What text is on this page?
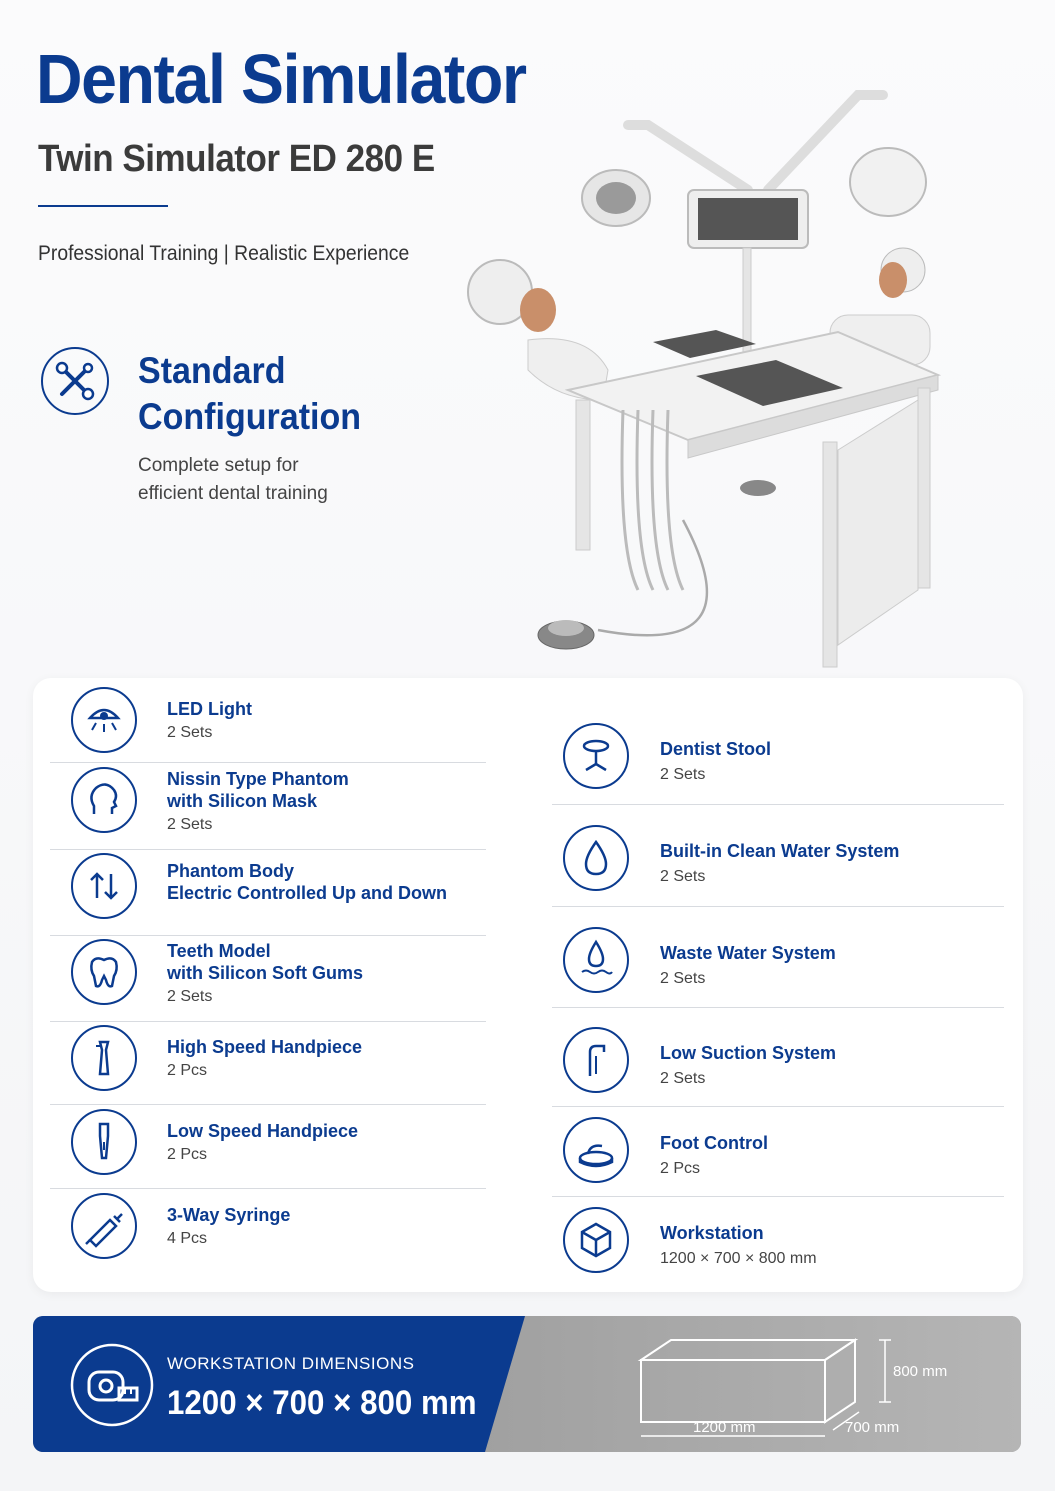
Dental Simulator
Twin Simulator ED 280 E
Professional Training | Realistic Experience
Standard
Configuration
Complete setup for
efficient dental training
WORKSTATION DIMENSIONS
1200 × 700 × 800 mm
1200 mm	700 mm
800 mm
LED Light
2 Sets
Nissin Type Phantom
with Silicon Mask
2 Sets
Phantom Body
Electric Controlled Up and Down
Teeth Model
with Silicon Soft Gums
2 Sets
High Speed Handpiece
2 Pcs
Low Speed Handpiece
2 Pcs
3-Way Syringe
4 Pcs
Dentist Stool
2 Sets
Built-in Clean Water System
2 Sets
Waste Water System
2 Sets
Low Suction System
2 Sets
Foot Control
2 Pcs
Workstation
1200 × 700 × 800 mm
